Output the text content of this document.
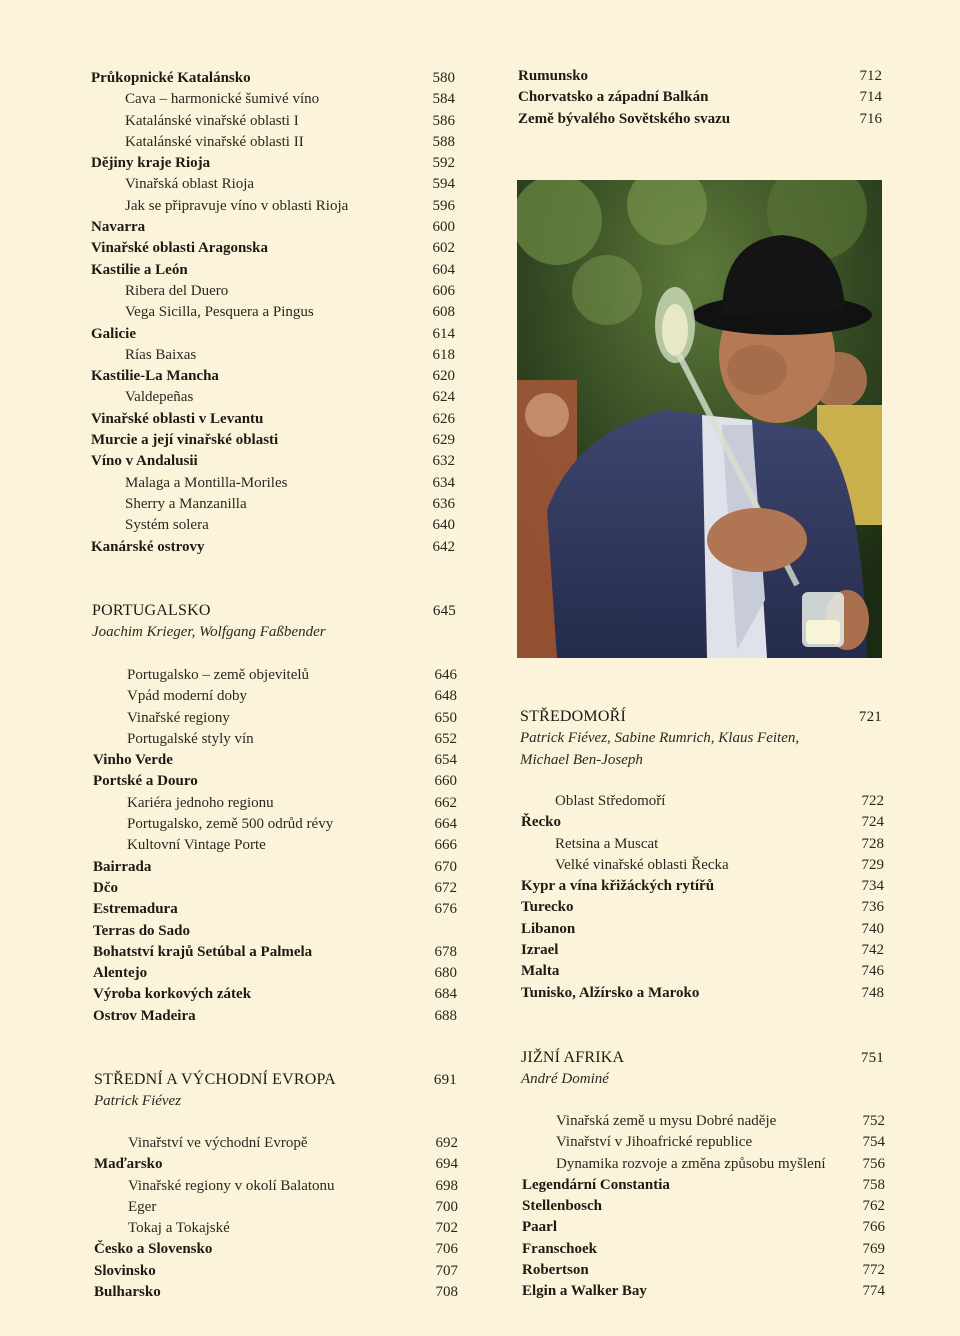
Průkopnické Katalánsko	580
Cava – harmonické šumivé víno	584
Katalánské vinařské oblasti I	586
Katalánské vinařské oblasti II	588
Dějiny kraje Rioja	592
Vinařská oblast Rioja	594
Jak se připravuje víno v oblasti Rioja	596
Navarra	600
Vinařské oblasti Aragonska	602
Kastilie a León	604
Ribera del Duero	606
Vega Sicilla, Pesquera a Pingus	608
Galicie	614
Rías Baixas	618
Kastilie-La Mancha	620
Valdepeñas	624
Vinařské oblasti v Levantu	626
Murcie a její vinařské oblasti	629
Víno v Andalusii	632
Malaga a Montilla-Moriles	634
Sherry a Manzanilla	636
Systém solera	640
Kanárské ostrovy	642
PORTUGALSKO	645
Joachim Krieger, Wolfgang Faßbender
Portugalsko – země objevitelů	646
Vpád moderní doby	648
Vinařské regiony	650
Portugalské styly vín	652
Vinho Verde	654
Portské a Douro	660
Kariéra jednoho regionu	662
Portugalsko, země 500 odrůd révy	664
Kultovní Vintage Porte	666
Bairrada	670
Dčo	672
Estremadura	676
Terras do Sado
Bohatství krajů Setúbal a Palmela	678
Alentejo	680
Výroba korkových zátek	684
Ostrov Madeira	688
STŘEDNÍ A VÝCHODNÍ EVROPA	691
Patrick Fiévez
Vinařství ve východní Evropě	692
Maďarsko	694
Vinařské regiony v okolí Balatonu	698
Eger	700
Tokaj a Tokajské	702
Česko a Slovensko	706
Slovinsko	707
Bulharsko	708
Rumunsko	712
Chorvatsko a západní Balkán	714
Země bývalého Sovětského svazu	716
STŘEDOMOŘÍ	721
Patrick Fiévez, Sabine Rumrich, Klaus Feiten,
Michael Ben-Joseph
Oblast Středomoří	722
Řecko	724
Retsina a Muscat	728
Velké vinařské oblasti Řecka	729
Kypr a vína křižáckých rytířů	734
Turecko	736
Libanon	740
Izrael	742
Malta	746
Tunisko, Alžírsko a Maroko	748
JIŽNÍ AFRIKA	751
André Dominé
Vinařská země u mysu Dobré naděje	752
Vinařství v Jihoafrické republice	754
Dynamika rozvoje a změna způsobu myšlení 756
Legendární Constantia	758
Stellenbosch	762
Paarl	766
Franschoek	769
Robertson	772
Elgin a Walker Bay	774
